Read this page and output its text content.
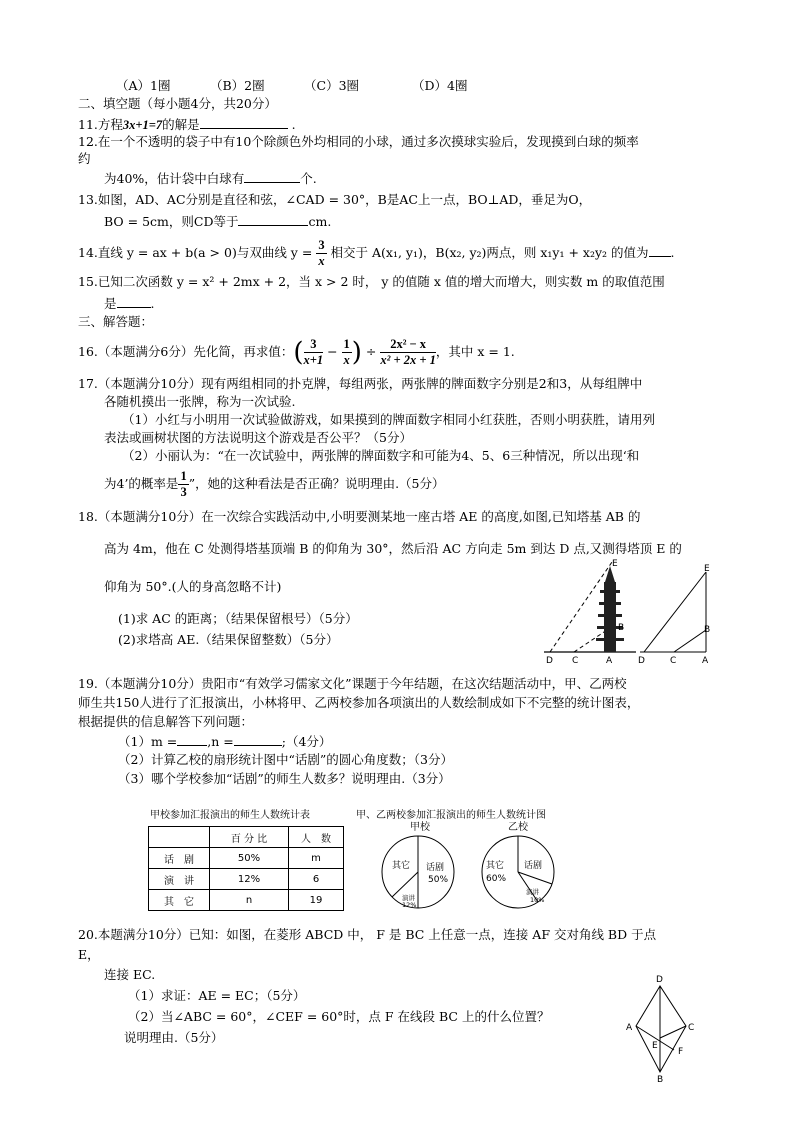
（A）1圈	（B）2圈	（C）3圈	（D）4圈
二、填空题（每小题4分，共20分）
11.方程3x+1=7的解是	.
12.在一个不透明的袋子中有10个除颜色外均相同的小球，通过多次摸球实验后，发现摸到白球的频率
约
为40%，估计袋中白球有	个.
13.如图，AD、AC分别是直径和弦，∠CAD = 30°，B是AC上一点，BO⊥AD，垂足为O，
BO = 5cm，则CD等于	cm.
14.直线 y = ax + b(a > 0)与双曲线 $y = \frac{3}{x}$ 相交于 A(x₁, y₁)，B(x₂, y₂)两点，则 x₁y₁ + x₂y₂ 的值为 .
15.已知二次函数 y = x² + 2mx + 2，当 x > 2 时， y 的值随 x 值的增大而增大，则实数 m 的取值范围
是	.
三、解答题：
16.（本题满分6分）先化简，再求值：( $\frac{3}{x+1} - \frac{1}{x}$ ) ÷ $\frac{\text{2x² − x}}{\text{x² + 2x + 1}}$ ，其中 x = 1.
17.（本题满分10分）现有两组相同的扑克牌，每组两张，两张牌的牌面数字分别是2和3，从每组牌中
各随机摸出一张牌，称为一次试验.
（1）小红与小明用一次试验做游戏，如果摸到的牌面数字相同小红获胜，否则小明获胜，请用列
表法或画树状图的方法说明这个游戏是否公平？（5分）
（2）小丽认为：“在一次试验中，两张牌的牌面数字和可能为4、5、6三种情况，所以出现‘和
为4’的概率是 $\frac{1}{3}$ ”，她的这种看法是否正确？说明理由.（5分）
18.（本题满分10分）在一次综合实践活动中,小明要测某地一座古塔 AE 的高度,如图,已知塔基 AB 的
高为 4m，他在 C 处测得塔基顶端 B 的仰角为 30°，然后沿 AC 方向走 5m 到达 D 点,又测得塔顶 E 的
仰角为 50°.(人的身高忽略不计)
(1)求 AC 的距离；（结果保留根号）（5分）
(2)求塔高 AE.（结果保留整数）（5分）
E
B
D C	A
E
B
D	C	A
19.（本题满分10分）贵阳市“有效学习儒家文化”课题于今年结题，在这次结题活动中，甲、乙两校
师生共150人进行了汇报演出，小林将甲、乙两校参加各项演出的人数绘制成如下不完整的统计图表，
根据提供的信息解答下列问题：
（1）m = ,n =	;（4分）
（2）计算乙校的扇形统计图中“话剧”的圆心角度数；（3分）
（3）哪个学校参加“话剧”的师生人数多？说明理由.（3分）
甲校参加汇报演出的师生人数统计表
	百 分 比	人　数
话　剧	50%	m
演　讲	12%	6
其　它	n	19
甲、乙两校参加汇报演出的师生人数统计图
甲校
其它 话剧
50%
演讲
12%
乙校
其它
60%
话剧
演讲
10%
20.本题满分10分）已知：如图，在菱形 ABCD 中， F 是 BC 上任意一点，连接 AF 交对角线 BD 于点
E，
连接 EC.
（1）求证：AE = EC；（5分）
（2）当∠ABC = 60°，∠CEF = 60°时，点 F 在线段 BC 上的什么位置？
说明理由.（5分）
D
A	C
E
F
B
